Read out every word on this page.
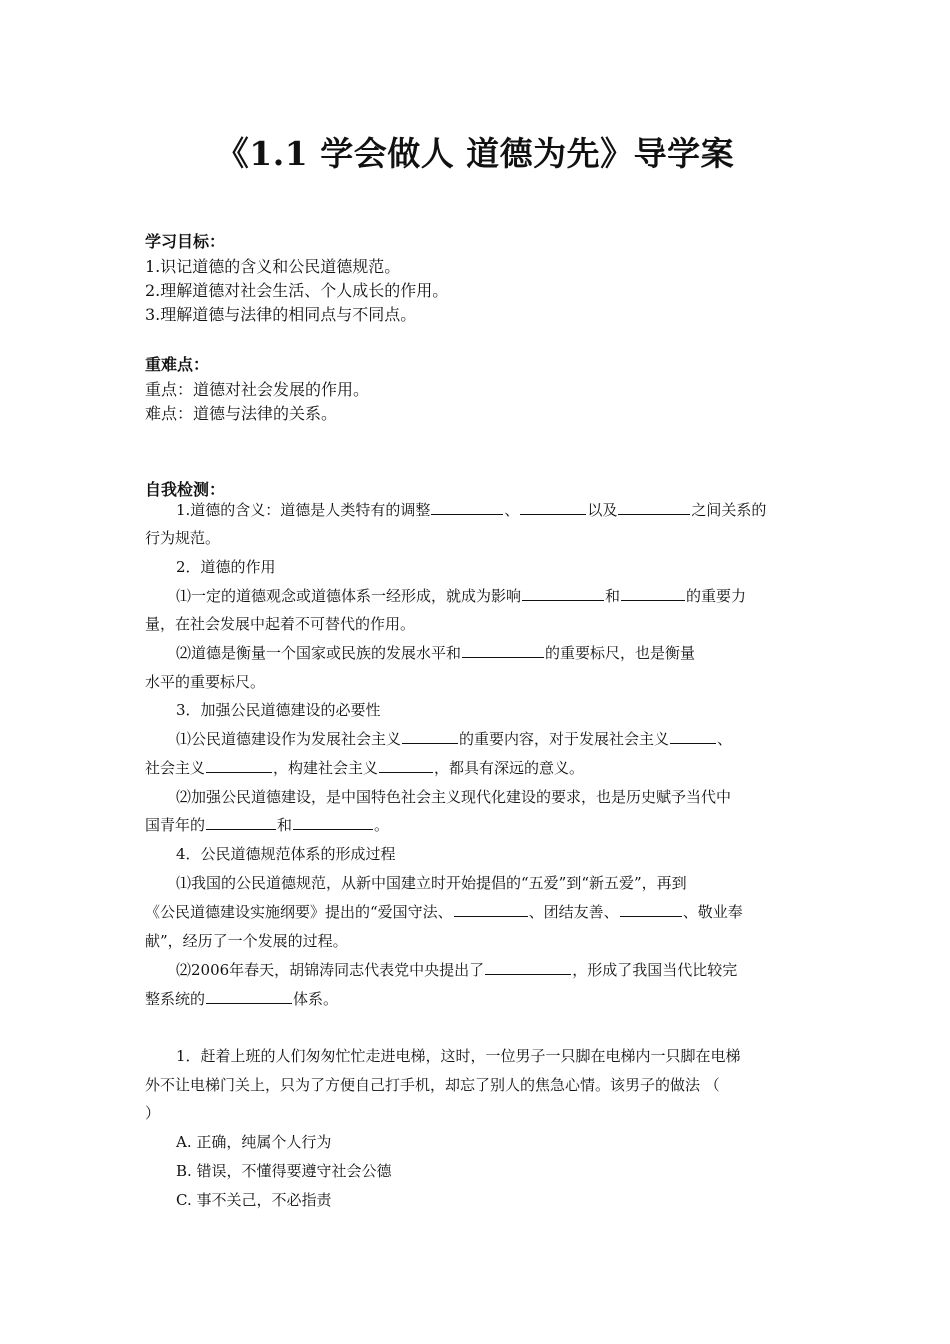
《1.1 学会做人 道德为先》导学案
学习目标：
1.识记道德的含义和公民道德规范。
2.理解道德对社会生活、个人成长的作用。
3.理解道德与法律的相同点与不同点。
重难点：
重点：道德对社会发展的作用。
难点：道德与法律的关系。
自我检测：
1.道德的含义：道德是人类特有的调整	、	以及	之间关系的
行为规范。
2．道德的作用
⑴一定的道德观念或道德体系一经形成，就成为影响	和	的重要力
量，在社会发展中起着不可替代的作用。
⑵道德是衡量一个国家或民族的发展水平和	的重要标尺，也是衡量
水平的重要标尺。
3．加强公民道德建设的必要性
⑴公民道德建设作为发展社会主义	的重要内容，对于发展社会主义	、
社会主义	，构建社会主义	，都具有深远的意义。
⑵加强公民道德建设，是中国特色社会主义现代化建设的要求，也是历史赋予当代中
国青年的	和	。
4．公民道德规范体系的形成过程
⑴我国的公民道德规范，从新中国建立时开始提倡的“五爱”到“新五爱”，再到
《公民道德建设实施纲要》提出的“爱国守法、	、团结友善、	、敬业奉
献”，经历了一个发展的过程。
⑵2006年春天，胡锦涛同志代表党中央提出了	，形成了我国当代比较完
整系统的	体系。
1．赶着上班的人们匆匆忙忙走进电梯，这时，一位男子一只脚在电梯内一只脚在电梯
外不让电梯门关上，只为了方便自己打手机，却忘了别人的焦急心情。该男子的做法 （
）
A. 正确，纯属个人行为
B. 错误，不懂得要遵守社会公德
C. 事不关己，不必指责
